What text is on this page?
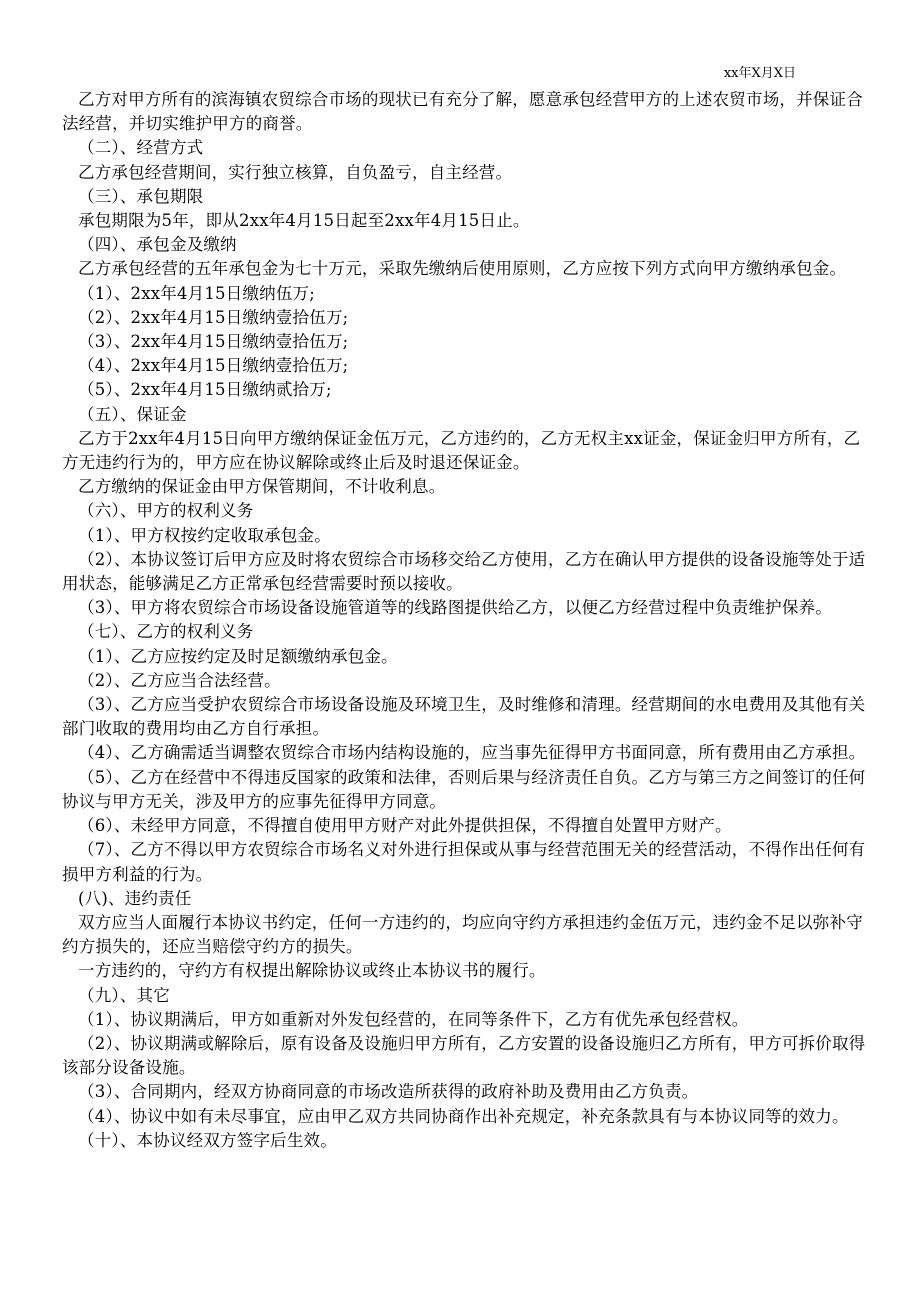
xx年X月X日

乙方对甲方所有的滨海镇农贸综合市场的现状已有充分了解，愿意承包经营甲方的上述农贸市场，并保证合法经营，并切实维护甲方的商誉。

（二）、经营方式

乙方承包经营期间，实行独立核算，自负盈亏，自主经营。

（三）、承包期限

承包期限为5年，即从2xx年4月15日起至2xx年4月15日止。

（四）、承包金及缴纳

乙方承包经营的五年承包金为七十万元，采取先缴纳后使用原则，乙方应按下列方式向甲方缴纳承包金。

（1）、2xx年4月15日缴纳伍万;

（2）、2xx年4月15日缴纳壹拾伍万;

（3）、2xx年4月15日缴纳壹拾伍万;

（4）、2xx年4月15日缴纳壹拾伍万;

（5）、2xx年4月15日缴纳贰拾万;

（五）、保证金

乙方于2xx年4月15日向甲方缴纳保证金伍万元，乙方违约的，乙方无权主xx证金，保证金归甲方所有，乙方无违约行为的，甲方应在协议解除或终止后及时退还保证金。

乙方缴纳的保证金由甲方保管期间，不计收利息。

（六）、甲方的权利义务

（1）、甲方权按约定收取承包金。

（2）、本协议签订后甲方应及时将农贸综合市场移交给乙方使用，乙方在确认甲方提供的设备设施等处于适用状态，能够满足乙方正常承包经营需要时预以接收。

（3）、甲方将农贸综合市场设备设施管道等的线路图提供给乙方，以便乙方经营过程中负责维护保养。

（七）、乙方的权利义务

（1）、乙方应按约定及时足额缴纳承包金。

（2）、乙方应当合法经营。

（3）、乙方应当受护农贸综合市场设备设施及环境卫生，及时维修和清理。经营期间的水电费用及其他有关部门收取的费用均由乙方自行承担。

（4）、乙方确需适当调整农贸综合市场内结构设施的，应当事先征得甲方书面同意，所有费用由乙方承担。

（5）、乙方在经营中不得违反国家的政策和法律，否则后果与经济责任自负。乙方与第三方之间签订的任何协议与甲方无关，涉及甲方的应事先征得甲方同意。

（6）、未经甲方同意，不得擅自使用甲方财产对此外提供担保，不得擅自处置甲方财产。

（7）、乙方不得以甲方农贸综合市场名义对外进行担保或从事与经营范围无关的经营活动，不得作出任何有损甲方利益的行为。

(八)、违约责任

双方应当人面履行本协议书约定，任何一方违约的，均应向守约方承担违约金伍万元，违约金不足以弥补守约方损失的，还应当赔偿守约方的损失。

一方违约的，守约方有权提出解除协议或终止本协议书的履行。

（九）、其它

（1）、协议期满后，甲方如重新对外发包经营的，在同等条件下，乙方有优先承包经营权。

（2）、协议期满或解除后，原有设备及设施归甲方所有，乙方安置的设备设施归乙方所有，甲方可拆价取得该部分设备设施。

（3）、合同期内，经双方协商同意的市场改造所获得的政府补助及费用由乙方负责。

（4）、协议中如有未尽事宜，应由甲乙双方共同协商作出补充规定，补充条款具有与本协议同等的效力。

（十）、本协议经双方签字后生效。
